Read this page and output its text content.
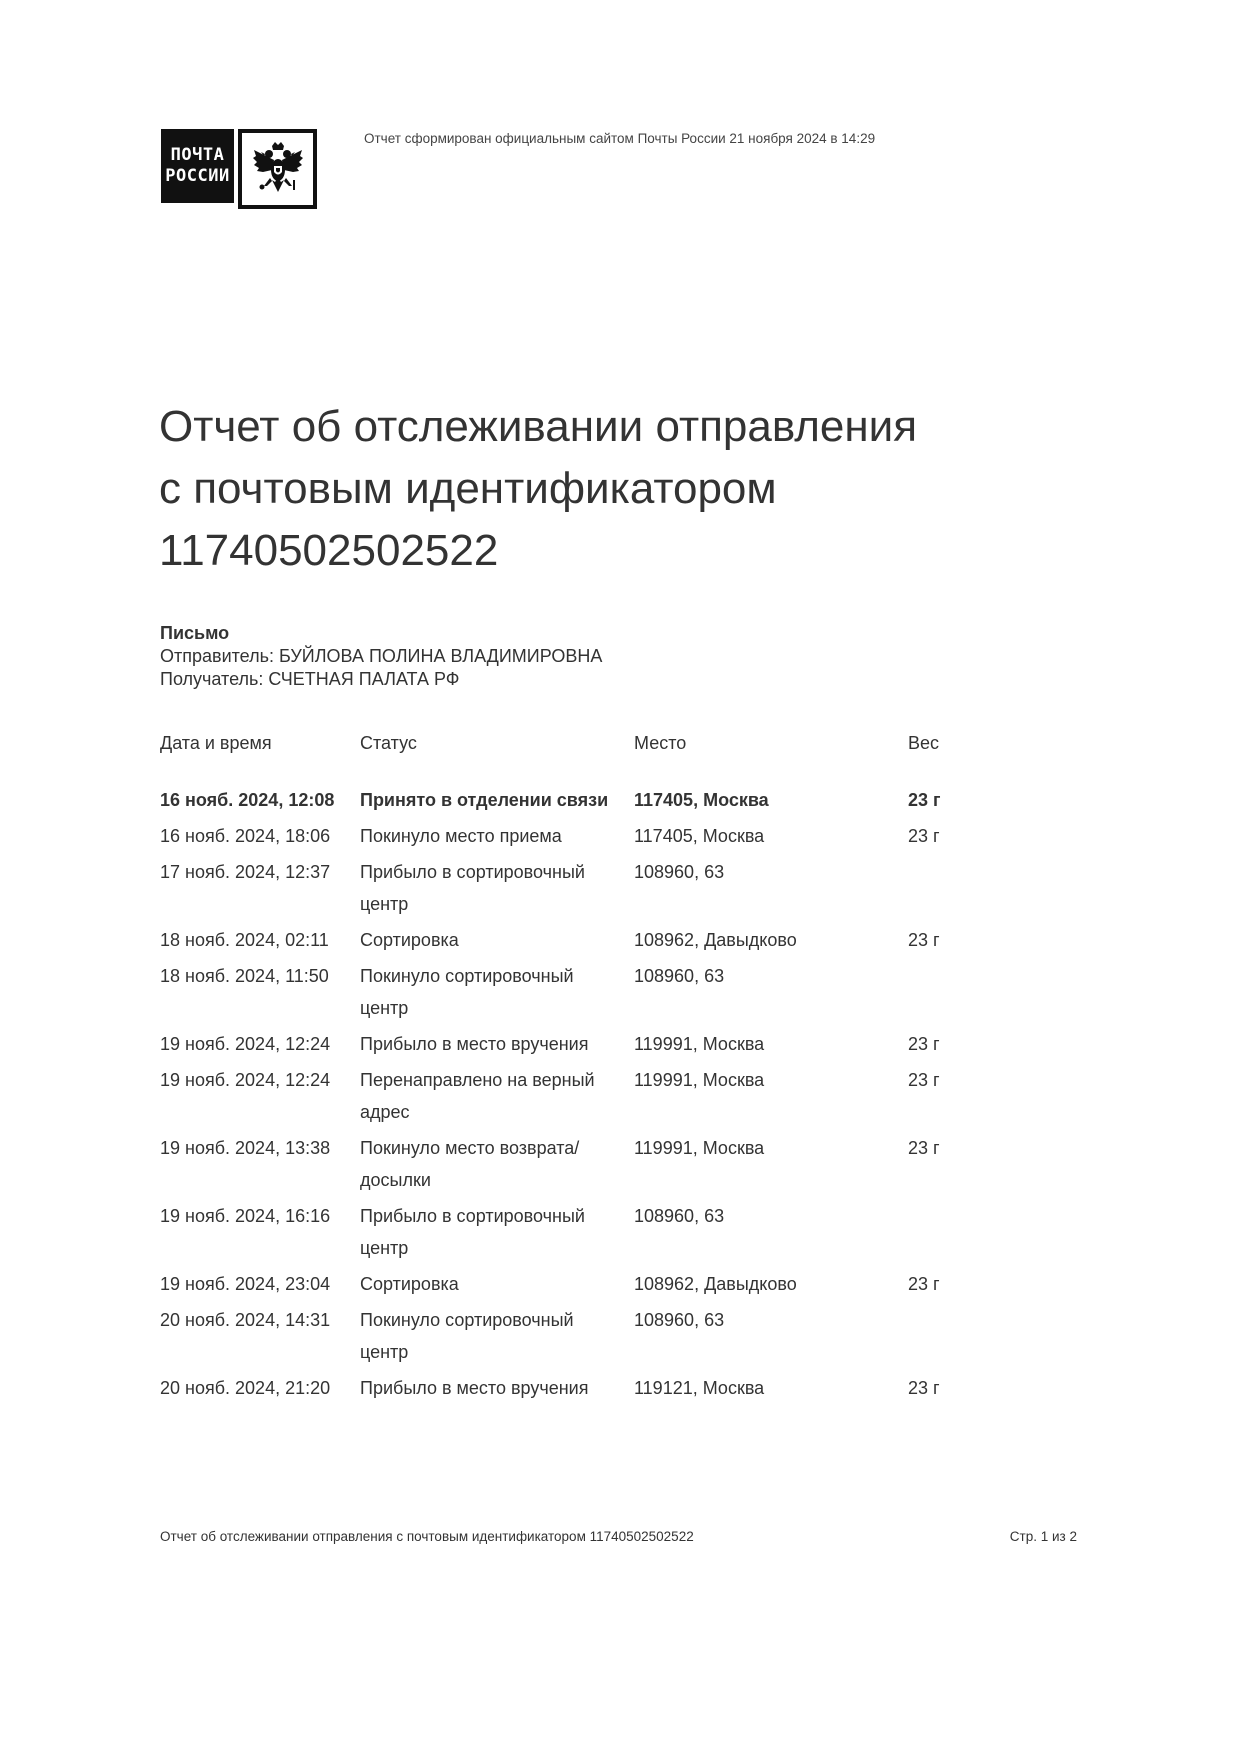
ПОЧТА
РОССИИ
Отчет сформирован официальным сайтом Почты России 21 ноября 2024 в 14:29
Отчет об отслеживании отправления
с почтовым идентификатором
11740502502522
Письмо
Отправитель: БУЙЛОВА ПОЛИНА ВЛАДИМИРОВНА
Получатель: СЧЕТНАЯ ПАЛАТА РФ
Дата и время	Статус	Место	Вес
16 нояб. 2024, 12:08	Принято в отделении связи	117405, Москва	23 г
16 нояб. 2024, 18:06	Покинуло место приема	117405, Москва	23 г
17 нояб. 2024, 12:37	Прибыло в сортировочный центр	108960, 63	
18 нояб. 2024, 02:11	Сортировка	108962, Давыдково	23 г
18 нояб. 2024, 11:50	Покинуло сортировочный центр	108960, 63	
19 нояб. 2024, 12:24	Прибыло в место вручения	119991, Москва	23 г
19 нояб. 2024, 12:24	Перенаправлено на верный адрес	119991, Москва	23 г
19 нояб. 2024, 13:38	Покинуло место возврата/ досылки	119991, Москва	23 г
19 нояб. 2024, 16:16	Прибыло в сортировочный центр	108960, 63	
19 нояб. 2024, 23:04	Сортировка	108962, Давыдково	23 г
20 нояб. 2024, 14:31	Покинуло сортировочный центр	108960, 63	
20 нояб. 2024, 21:20	Прибыло в место вручения	119121, Москва	23 г
Отчет об отслеживании отправления с почтовым идентификатором 11740502502522	Стр. 1 из 2
